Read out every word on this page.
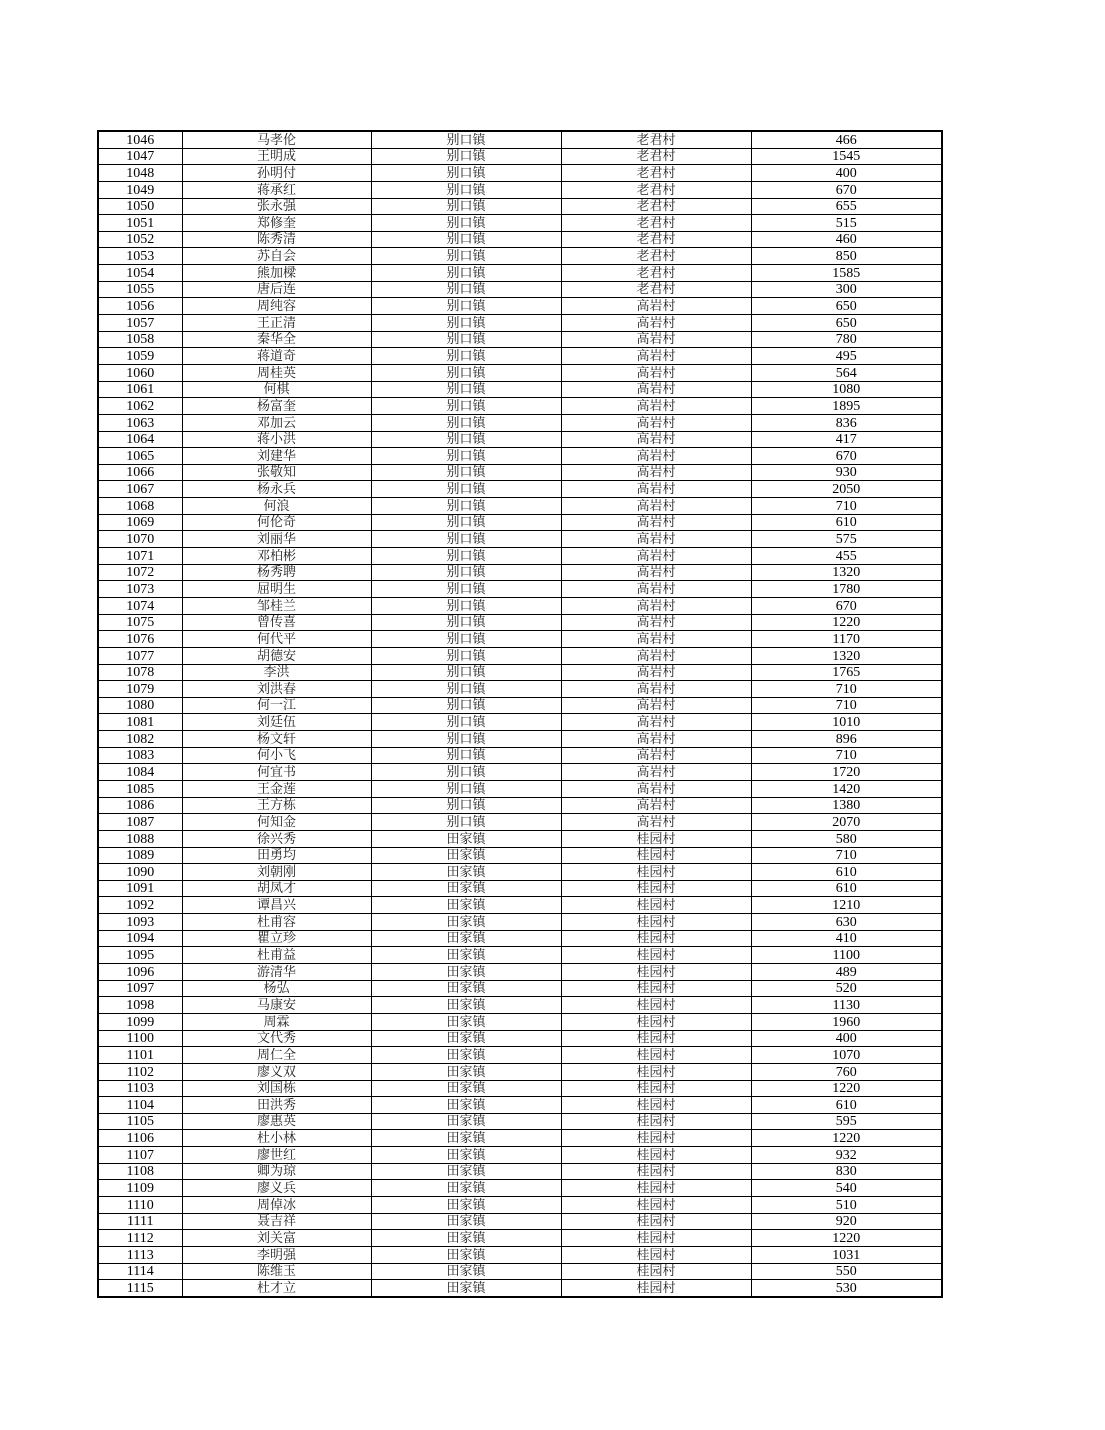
1046	马孝伦	别口镇	老君村	466
1047	王明成	别口镇	老君村	1545
1048	孙明付	别口镇	老君村	400
1049	蒋承红	别口镇	老君村	670
1050	张永强	别口镇	老君村	655
1051	郑修奎	别口镇	老君村	515
1052	陈秀清	别口镇	老君村	460
1053	苏自会	别口镇	老君村	850
1054	熊加樑	别口镇	老君村	1585
1055	唐后连	别口镇	老君村	300
1056	周纯容	别口镇	高岩村	650
1057	王正清	别口镇	高岩村	650
1058	秦华全	别口镇	高岩村	780
1059	蒋道奇	别口镇	高岩村	495
1060	周桂英	别口镇	高岩村	564
1061	何棋	别口镇	高岩村	1080
1062	杨富奎	别口镇	高岩村	1895
1063	邓加云	别口镇	高岩村	836
1064	蒋小洪	别口镇	高岩村	417
1065	刘建华	别口镇	高岩村	670
1066	张敬知	别口镇	高岩村	930
1067	杨永兵	别口镇	高岩村	2050
1068	何浪	别口镇	高岩村	710
1069	何伦奇	别口镇	高岩村	610
1070	刘丽华	别口镇	高岩村	575
1071	邓柏彬	别口镇	高岩村	455
1072	杨秀聘	别口镇	高岩村	1320
1073	屈明生	别口镇	高岩村	1780
1074	邹桂兰	别口镇	高岩村	670
1075	曾传喜	别口镇	高岩村	1220
1076	何代平	别口镇	高岩村	1170
1077	胡德安	别口镇	高岩村	1320
1078	李洪	别口镇	高岩村	1765
1079	刘洪春	别口镇	高岩村	710
1080	何一江	别口镇	高岩村	710
1081	刘廷伍	别口镇	高岩村	1010
1082	杨文轩	别口镇	高岩村	896
1083	何小飞	别口镇	高岩村	710
1084	何宜书	别口镇	高岩村	1720
1085	王金莲	别口镇	高岩村	1420
1086	王方栋	别口镇	高岩村	1380
1087	何知金	别口镇	高岩村	2070
1088	徐兴秀	田家镇	桂园村	580
1089	田勇均	田家镇	桂园村	710
1090	刘朝刚	田家镇	桂园村	610
1091	胡凤才	田家镇	桂园村	610
1092	谭昌兴	田家镇	桂园村	1210
1093	杜甫容	田家镇	桂园村	630
1094	瞿立珍	田家镇	桂园村	410
1095	杜甫益	田家镇	桂园村	1100
1096	游清华	田家镇	桂园村	489
1097	杨弘	田家镇	桂园村	520
1098	马康安	田家镇	桂园村	1130
1099	周霖	田家镇	桂园村	1960
1100	文代秀	田家镇	桂园村	400
1101	周仁全	田家镇	桂园村	1070
1102	廖义双	田家镇	桂园村	760
1103	刘国栋	田家镇	桂园村	1220
1104	田洪秀	田家镇	桂园村	610
1105	廖惠英	田家镇	桂园村	595
1106	杜小林	田家镇	桂园村	1220
1107	廖世红	田家镇	桂园村	932
1108	卿为琼	田家镇	桂园村	830
1109	廖义兵	田家镇	桂园村	540
1110	周倬冰	田家镇	桂园村	510
1111	聂吉祥	田家镇	桂园村	920
1112	刘关富	田家镇	桂园村	1220
1113	李明强	田家镇	桂园村	1031
1114	陈维玉	田家镇	桂园村	550
1115	杜才立	田家镇	桂园村	530
